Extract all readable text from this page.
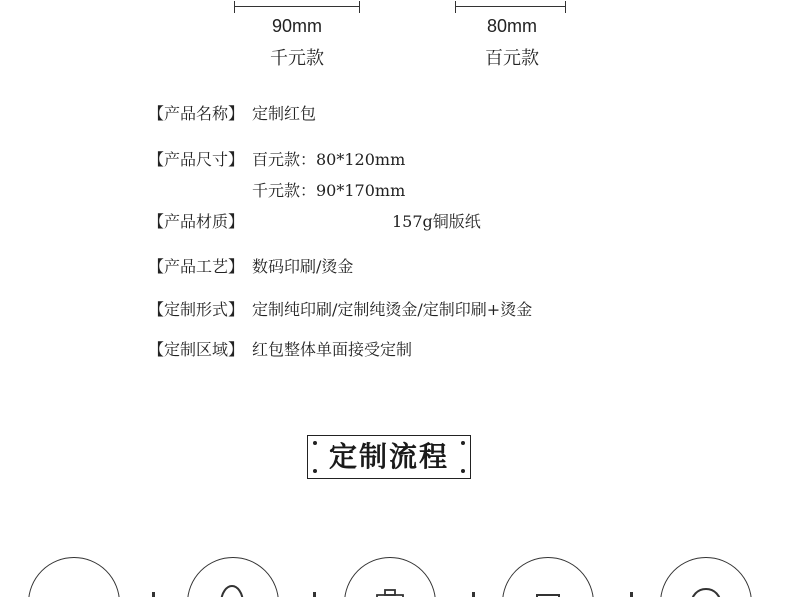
90mm
千元款
80mm
百元款
【产品名称】 定制红包
【产品尺寸】 百元款：80*120mm
千元款：90*170mm
【产品材质】	157g铜版纸
【产品工艺】 数码印刷/烫金
【定制形式】 定制纯印刷/定制纯烫金/定制印刷+烫金
【定制区域】 红包整体单面接受定制
定制流程
